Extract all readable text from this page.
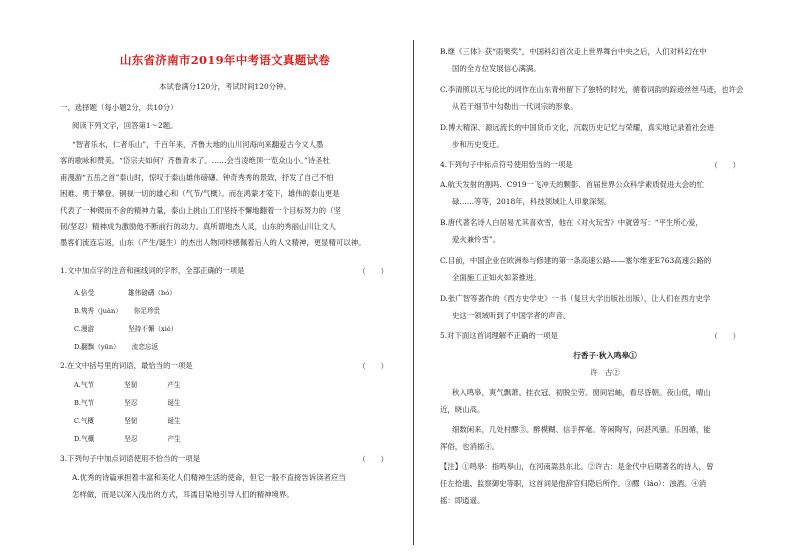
山东省济南市2019年中考语文真题试卷
本试卷满分120分，考试时间120分钟。
一、选择题（每小题2分，共10分）
阅读下列文字，回答第1～2题。
“智者乐水，仁者乐山”，千百年来，齐鲁大地的山川河海向来翻爱古今文人墨
客的歌咏和赞美。“岱宗夫如何？齐鲁青未了。……会当凌绝顶一览众山小。”诗圣杜
甫漫游“五岳之首”泰山时，惊叹于泰山雄伟磅礴、钟奇秀秀的景致，抒发了自己不怕
困难、勇于攀登、铜视一切的雄心和（气节/气概）。而在鸿蒙才笺下，雄伟的泰山更是
代表了一种锲而不舍的精神力量，泰山上挑山工们坚持不懈地翻着一个目标努力的（坚
韧/坚忍）精神成为激励他不断前行的动力。真所谓地杰人灵，山东的秀丽山川让文人
墨客们流连忘返，山东（产生/诞生）的杰出人物同样感佩着后人的人文精神，更显精可以神。
1.文中加点字的注音和画线词的字形，全部正确的一项是	（　　）
A.倍受	雄伟磅礴（bó）
B.隽秀（juàn） 你足珍贵
C.漫游	坚持不懈（xiè）
D.翻飘（yūn） 流恋忘返
2.在文中括号里的词语，最恰当的一项是	（　　）
A.气节	坚韧	产生
B.气节	坚忍	诞生
C.气概	坚韧	诞生
D.气概	坚忍	产生
3.下列句子中加点词语使用不恰当的一项是	（　　）
A.优秀的诗篇承担着丰富和美化人们精神生活的使命，但它一般不直接告诉读者应当
怎样做，而是以深入浅出的方式，耳濡目染地引导人们的精神境界。
B.继《三体》获“雨果奖”，中国科幻首次走上世界舞台中央之后，人们对科幻在中
国的全方位发展信心满满。
C.李清照以无与伦比的词作在山东青州留下了独特的时光，循着词韵的踪迹丝丝马迹，也许会
从若干细节中勾勒出一代词宗的形象。
D.博大精深、源远流长的中国货币文化，沉载历史记忆与荣耀，真实地记录着社会进
步和历史变迁。
4.下列句子中标点符号使用恰当的一项是	（　　）
A.航天发射的割吗、C919一飞冲天的颗影、首届世界公众科学素质促进大会的忙
碌……等等，2018年，科技领域让人印象深刻。
B.唐代著名诗人白居易尤其喜欢雪，他在《对火玩雪》中就曾写：“平生所心爱，
爱火兼怜雪”。
C.目前，中国企业在欧洲参与修建的第一条高速公路——塞尔维亚E763高速公路的
全面施工正如火如荼推进。
D.张广智等著作的《西方史学史》一书（复旦大学出版社出版），让人们在西方史学
史这一领域听到了中国学者的声音。
5.对下面这首词理解不正确的一项是	（　　）
行香子·秋入鸣皋①
许　古②
秋入鸣皋，爽气飘萧。挂衣冠、初脱尘劳。窗间岩岫，看尽昏朝。夜山低，晴山
近，晓山高。
细数闲来，几处村醪③。醉模糊、信手挥毫。等闲陶写，问甚风骚。乐因循，能
浑俗，也消摇④。
【注】①鸣皋：指鸣皋山，在河南嵩县东北。②许古：是金代中后期著名的诗人，曾
任左拾遗、监察御史等职，这首词是他辞官归隐后所作。③醪（láo）：浊酒。④消
摇：即逍遥。
